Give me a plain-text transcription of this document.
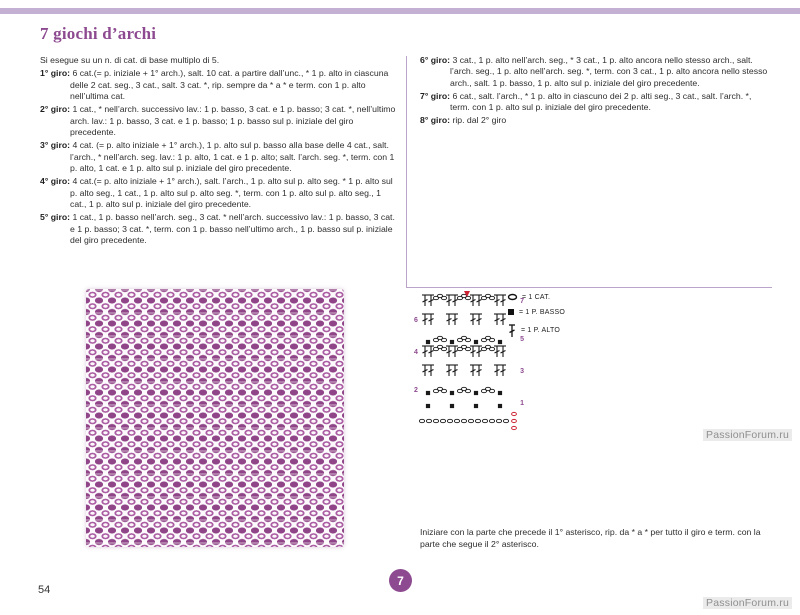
7 giochi d’archi

Si esegue su un n. di cat. di base multiplo di 5.

1° giro: 6 cat.(= p. iniziale + 1° arch.), salt. 10 cat. a partire dall’unc., * 1 p. alto in ciascuna delle 2 cat. seg., 3 cat., salt. 3 cat. *, rip. sempre da * a * e term. con 1 p. alto nell’ultima cat.

2° giro: 1 cat., * nell’arch. successivo lav.: 1 p. basso, 3 cat. e 1 p. basso; 3 cat. *, nell’ultimo arch. lav.: 1 p. basso, 3 cat. e 1 p. basso; 1 p. basso sul p. iniziale del giro precedente.

3° giro: 4 cat. (= p. alto iniziale + 1° arch.), 1 p. alto sul p. basso alla base delle 4 cat., salt. l’arch., * nell’arch. seg. lav.: 1 p. alto, 1 cat. e 1 p. alto; salt. l’arch. seg. *, term. con 1 p. alto, 1 cat. e 1 p. alto sul p. iniziale del giro precedente.

4° giro: 4 cat.(= p. alto iniziale + 1° arch.), salt. l’arch., 1 p. alto sul p. alto seg. * 1 p. alto sul p. alto seg., 1 cat., 1 p. alto sul p. alto seg. *, term. con 1 p. alto sul p. alto seg., 1 cat., 1 p. alto sul p. iniziale del giro precedente.

5° giro: 1 cat., 1 p. basso nell’arch. seg., 3 cat. * nell’arch. successivo lav.: 1 p. basso, 3 cat. e 1 p. basso; 3 cat. *, term. con 1 p. basso nell’ultimo arch., 1 p. basso sul p. iniziale del giro precedente.

6° giro: 3 cat., 1 p. alto nell’arch. seg., * 3 cat., 1 p. alto ancora nello stesso arch., salt. l’arch. seg., 1 p. alto nell’arch. seg. *, term. con 3 cat., 1 p. alto ancora nello stesso arch., salt. 1 p. basso, 1 p. alto sul p. iniziale del giro precedente.

7° giro: 6 cat., salt. l’arch., * 1 p. alto in ciascuno dei 2 p. alti seg., 3 cat., salt. l’arch. *, term. con 1 p. alto sul p. iniziale del giro precedente.

8° giro: rip. dal 2° giro

7
6
5
4
3
2
1
= 1 CAT.
= 1 P. BASSO
= 1 P. ALTO

Iniziare con la parte che precede il 1° asterisco, rip. da * a * per tutto il giro e term. con la parte che segue il 2° asterisco.

54
7
PassionForum.ru
PassionForum.ru
